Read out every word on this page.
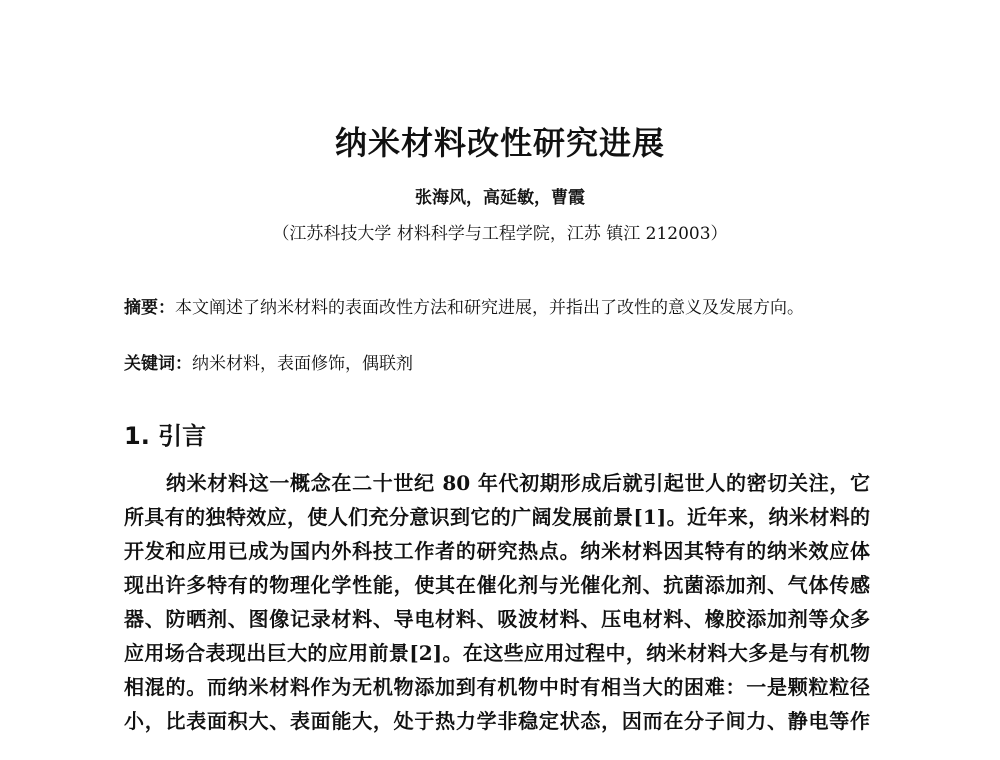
纳米材料改性研究进展
张海风，高延敏，曹霞
（江苏科技大学 材料科学与工程学院，江苏 镇江 212003）
摘要：本文阐述了纳米材料的表面改性方法和研究进展，并指出了改性的意义及发展方向。
关键词：纳米材料，表面修饰，偶联剂
1. 引言
纳米材料这一概念在二十世纪 80 年代初期形成后就引起世人的密切关注，它
所具有的独特效应，使人们充分意识到它的广阔发展前景[1]。近年来，纳米材料的
开发和应用已成为国内外科技工作者的研究热点。纳米材料因其特有的纳米效应体
现出许多特有的物理化学性能，使其在催化剂与光催化剂、抗菌添加剂、气体传感
器、防晒剂、图像记录材料、导电材料、吸波材料、压电材料、橡胶添加剂等众多
应用场合表现出巨大的应用前景[2]。在这些应用过程中，纳米材料大多是与有机物
相混的。而纳米材料作为无机物添加到有机物中时有相当大的困难：一是颗粒粒径
小，比表面积大、表面能大，处于热力学非稳定状态，因而在分子间力、静电等作
